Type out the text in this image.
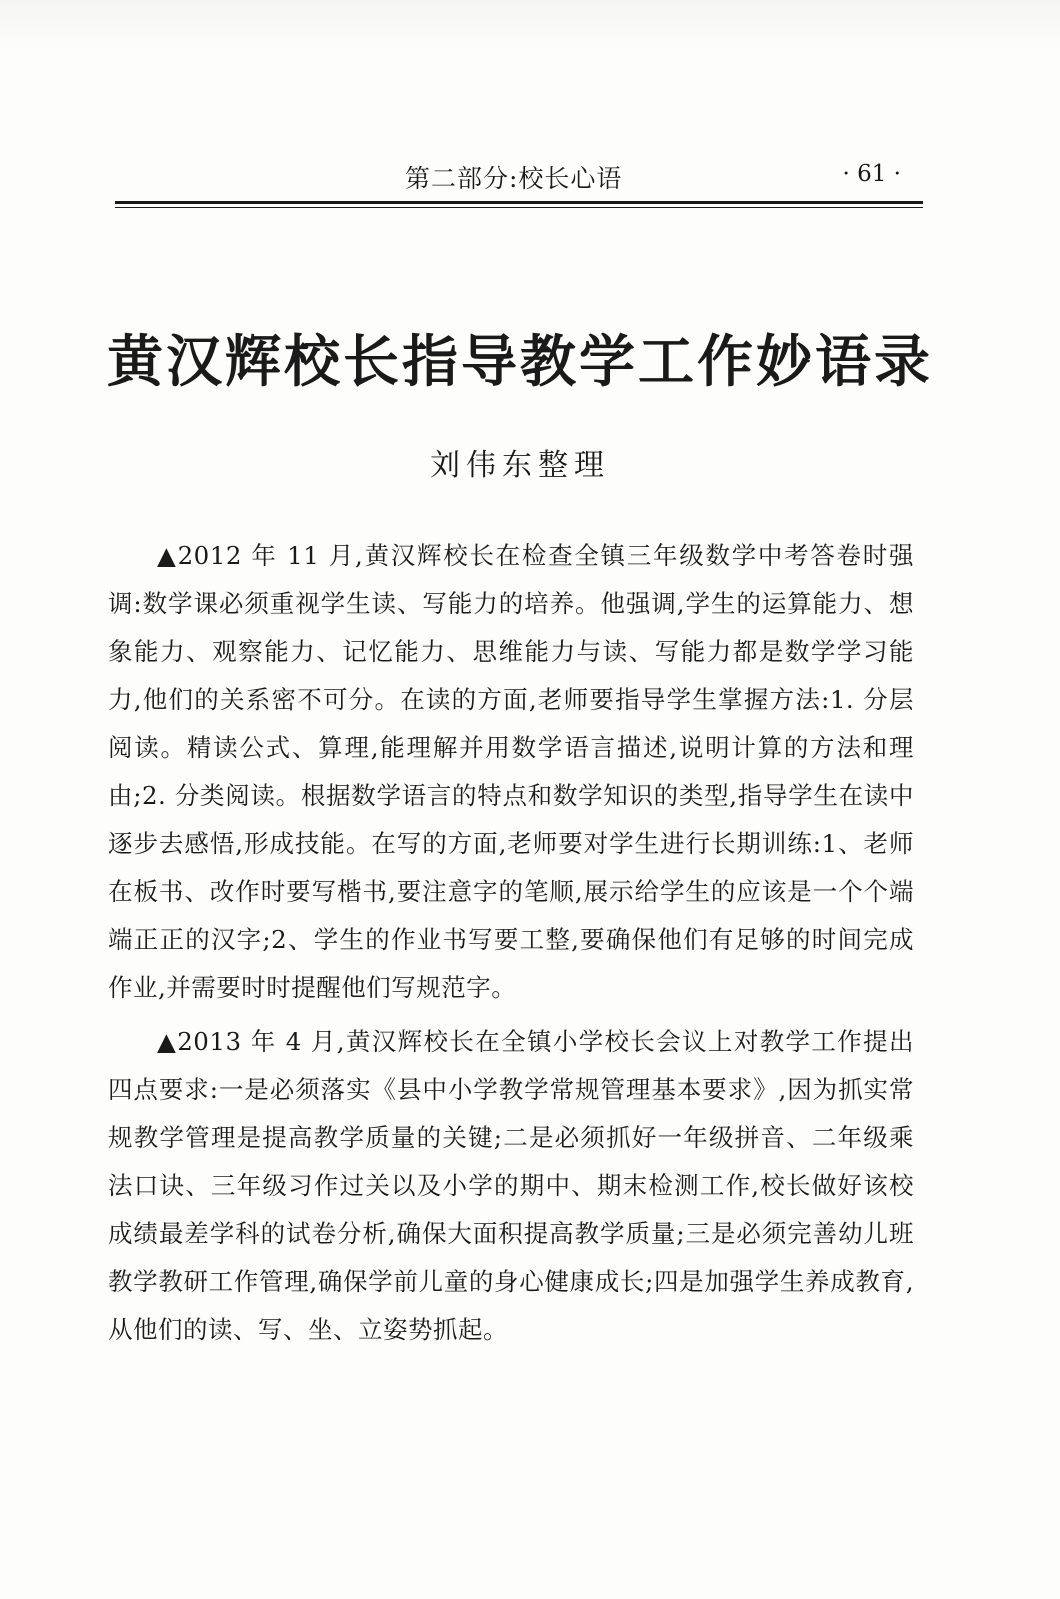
第二部分:校长心语	· 61 ·
黄汉辉校长指导教学工作妙语录
刘伟东整理

▲2012 年 11 月,黄汉辉校长在检查全镇三年级数学中考答卷时强调:数学课必须重视学生读、写能力的培养。他强调,学生的运算能力、想象能力、观察能力、记忆能力、思维能力与读、写能力都是数学学习能力,他们的关系密不可分。在读的方面,老师要指导学生掌握方法:1. 分层阅读。精读公式、算理,能理解并用数学语言描述,说明计算的方法和理由;2. 分类阅读。根据数学语言的特点和数学知识的类型,指导学生在读中逐步去感悟,形成技能。在写的方面,老师要对学生进行长期训练:1、老师在板书、改作时要写楷书,要注意字的笔顺,展示给学生的应该是一个个端端正正的汉字;2、学生的作业书写要工整,要确保他们有足够的时间完成作业,并需要时时提醒他们写规范字。

▲2013 年 4 月,黄汉辉校长在全镇小学校长会议上对教学工作提出四点要求:一是必须落实《县中小学教学常规管理基本要求》,因为抓实常规教学管理是提高教学质量的关键;二是必须抓好一年级拼音、二年级乘法口诀、三年级习作过关以及小学的期中、期末检测工作,校长做好该校成绩最差学科的试卷分析,确保大面积提高教学质量;三是必须完善幼儿班教学教研工作管理,确保学前儿童的身心健康成长;四是加强学生养成教育,从他们的读、写、坐、立姿势抓起。
